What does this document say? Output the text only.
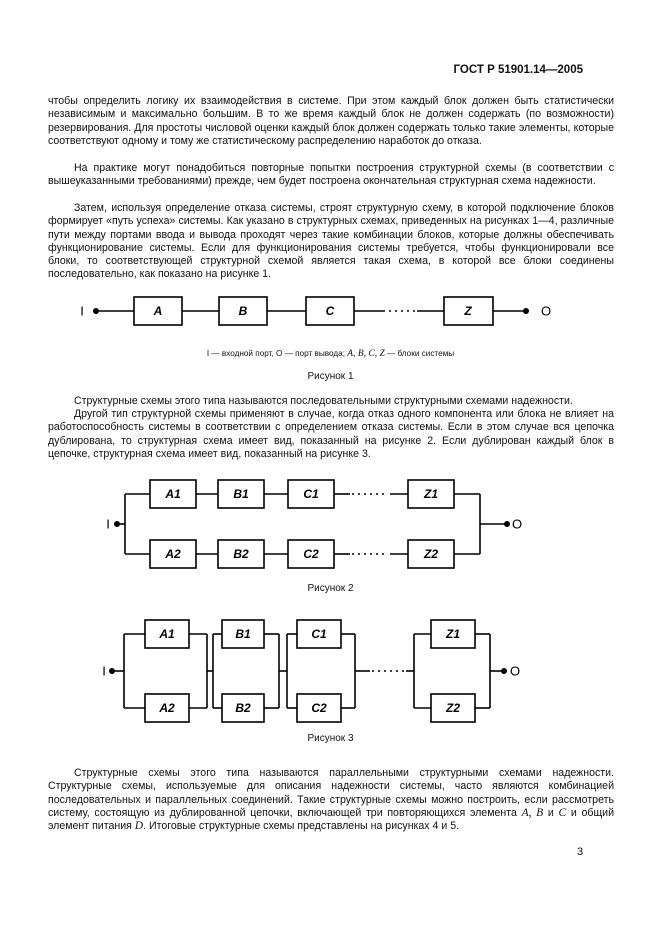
ГОСТ Р 51901.14—2005

чтобы определить логику их взаимодействия в системе. При этом каждый блок должен быть статистически независимым и максимально большим. В то же время каждый блок не должен содержать (по возможности) резервирования. Для простоты числовой оценки каждый блок должен содержать только такие элементы, которые соответствуют одному и тому же статистическому распределению наработок до отказа.

На практике могут понадобиться повторные попытки построения структурной схемы (в соответствии с вышеуказанными требованиями) прежде, чем будет построена окончательная структурная схема надежности.

Затем, используя определение отказа системы, строят структурную схему, в которой подключение блоков формирует «путь успеха» системы. Как указано в структурных схемах, приведенных на рисунках 1—4, различные пути между портами ввода и вывода проходят через такие комбинации блоков, которые должны обеспечивать функционирование системы. Если для функционирования системы требуется, чтобы функционировали все блоки, то соответствующей структурной схемой является такая схема, в которой все блоки соединены последовательно, как показано на рисунке 1.

I	O
A	B	C	Z

I — входной порт, О — порт вывода; A, B, C, Z — блоки системы

Рисунок 1

Структурные схемы этого типа называются последовательными структурными схемами надежности.

Другой тип структурной схемы применяют в случае, когда отказ одного компонента или блока не влияет на работоспособность системы в соответствии с определением отказа системы. Если в этом случае вся цепочка дублирована, то структурная схема имеет вид, показанный на рисунке 2. Если дублирован каждый блок в цепочке, структурная схема имеет вид, показанный на рисунке 3.

I	O
A1	B1	C1	Z1
A2	B2	C2	Z2

Рисунок 2

I	O
A1	B1	C1	Z1
A2	B2	C2	Z2

Рисунок 3

Структурные схемы этого типа называются параллельными структурными схемами надежности. Структурные схемы, используемые для описания надежности системы, часто являются комбинацией последовательных и параллельных соединений. Такие структурные схемы можно построить, если рассмотреть систему, состоящую из дублированной цепочки, включающей три повторяющихся элемента A, B и C и общий элемент питания D. Итоговые структурные схемы представлены на рисунках 4 и 5.

3
